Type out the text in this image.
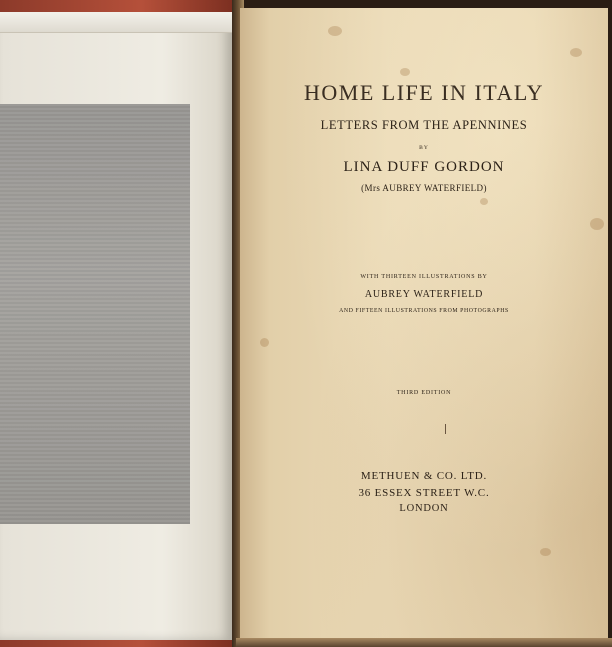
HOME LIFE IN ITALY
LETTERS FROM THE APENNINES
BY
LINA DUFF GORDON
(Mrs AUBREY WATERFIELD)
WITH THIRTEEN ILLUSTRATIONS BY
AUBREY WATERFIELD
AND FIFTEEN ILLUSTRATIONS FROM PHOTOGRAPHS
THIRD EDITION
METHUEN & CO. LTD.
36 ESSEX STREET W.C.
LONDON
